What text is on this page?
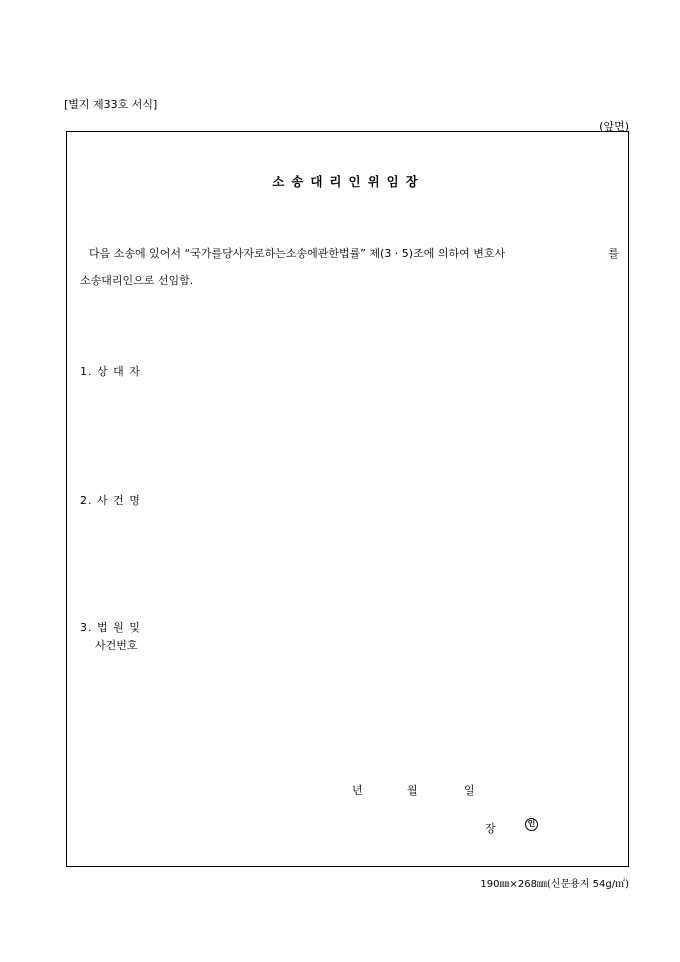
[별지 제33호 서식]
(앞면)
소송대리인위임장
다음 소송에 있어서 “국가를당사자로하는소송에관한법률” 제(3 · 5)조에 의하여 변호사	를
소송대리인으로 선임함.
1. 상 대 자
2. 사 건 명
3. 법 원 및
사건번호
년	월	일
장	인
190㎜×268㎜(신문용지 54g/㎡)
